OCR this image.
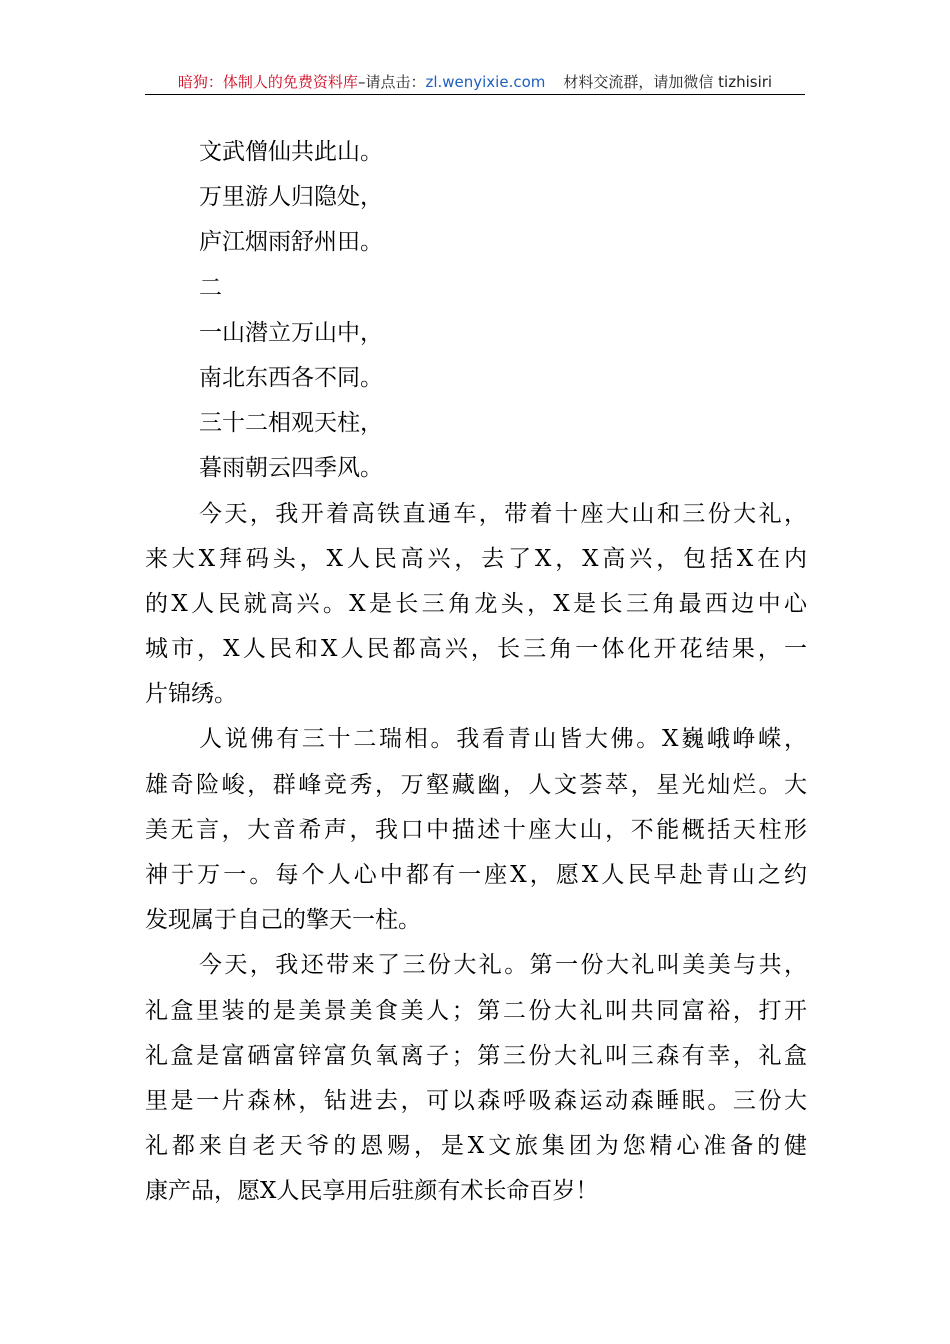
暗狗：体制人的免费资料库–请点击：zl.wenyixie.com 材料交流群，请加微信 tizhisiri
文武僧仙共此山。
万里游人归隐处，
庐江烟雨舒州田。
二
一山潜立万山中，
南北东西各不同。
三十二相观天柱，
暮雨朝云四季风。
今天，我开着高铁直通车，带着十座大山和三份大礼，
来大X拜码头，X人民高兴，去了X，X高兴，包括X在内
的X人民就高兴。X是长三角龙头，X是长三角最西边中心
城市，X人民和X人民都高兴，长三角一体化开花结果，一
片锦绣。
人说佛有三十二瑞相。我看青山皆大佛。X巍峨峥嵘，
雄奇险峻，群峰竞秀，万壑藏幽，人文荟萃，星光灿烂。大
美无言，大音希声，我口中描述十座大山，不能概括天柱形
神于万一。每个人心中都有一座X，愿X人民早赴青山之约
发现属于自己的擎天一柱。
今天，我还带来了三份大礼。第一份大礼叫美美与共，
礼盒里装的是美景美食美人；第二份大礼叫共同富裕，打开
礼盒是富硒富锌富负氧离子；第三份大礼叫三森有幸，礼盒
里是一片森林，钻进去，可以森呼吸森运动森睡眠。三份大
礼都来自老天爷的恩赐，是X文旅集团为您精心准备的健
康产品，愿X人民享用后驻颜有术长命百岁！
